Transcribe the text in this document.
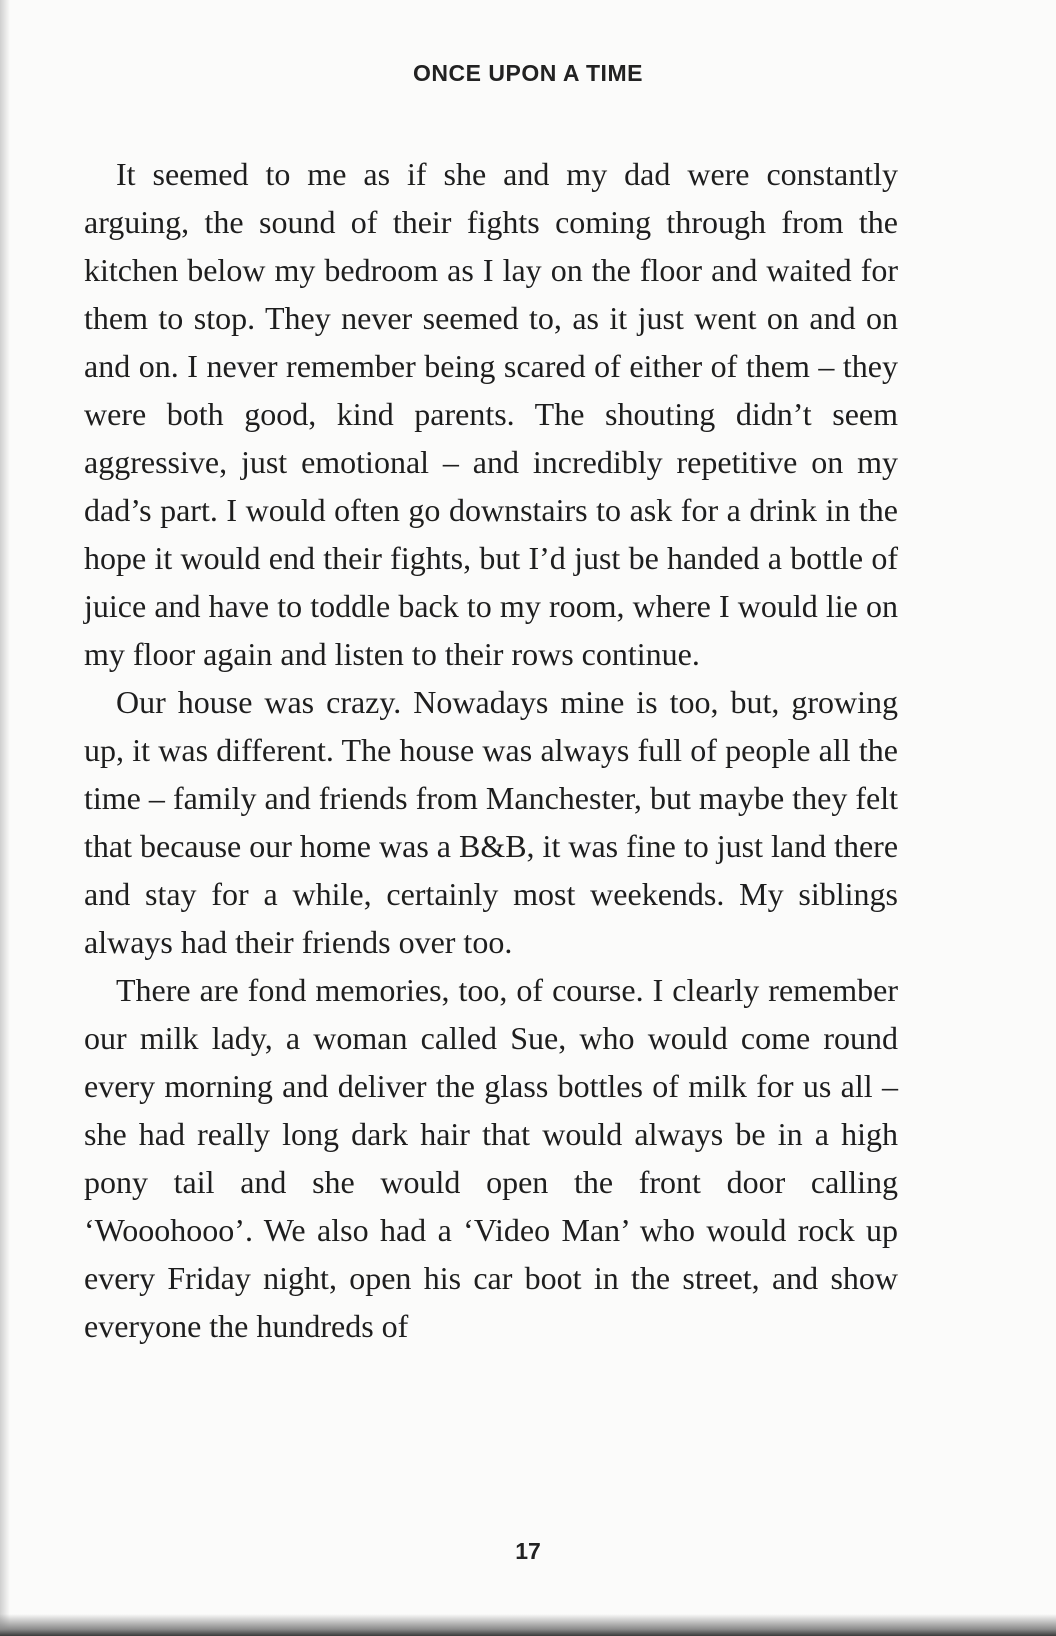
ONCE UPON A TIME

It seemed to me as if she and my dad were constantly arguing, the sound of their fights coming through from the kitchen below my bedroom as I lay on the floor and waited for them to stop. They never seemed to, as it just went on and on and on. I never remember being scared of either of them – they were both good, kind parents. The shouting didn’t seem aggressive, just emotional – and incredibly repetitive on my dad’s part. I would often go downstairs to ask for a drink in the hope it would end their fights, but I’d just be handed a bottle of juice and have to toddle back to my room, where I would lie on my floor again and listen to their rows continue.

Our house was crazy. Nowadays mine is too, but, growing up, it was different. The house was always full of people all the time – family and friends from Manchester, but maybe they felt that because our home was a B&B, it was fine to just land there and stay for a while, certainly most weekends. My siblings always had their friends over too.

There are fond memories, too, of course. I clearly remember our milk lady, a woman called Sue, who would come round every morning and deliver the glass bottles of milk for us all – she had really long dark hair that would always be in a high pony tail and she would open the front door calling ‘Wooohooo’. We also had a ‘Video Man’ who would rock up every Friday night, open his car boot in the street, and show everyone the hundreds of

17
